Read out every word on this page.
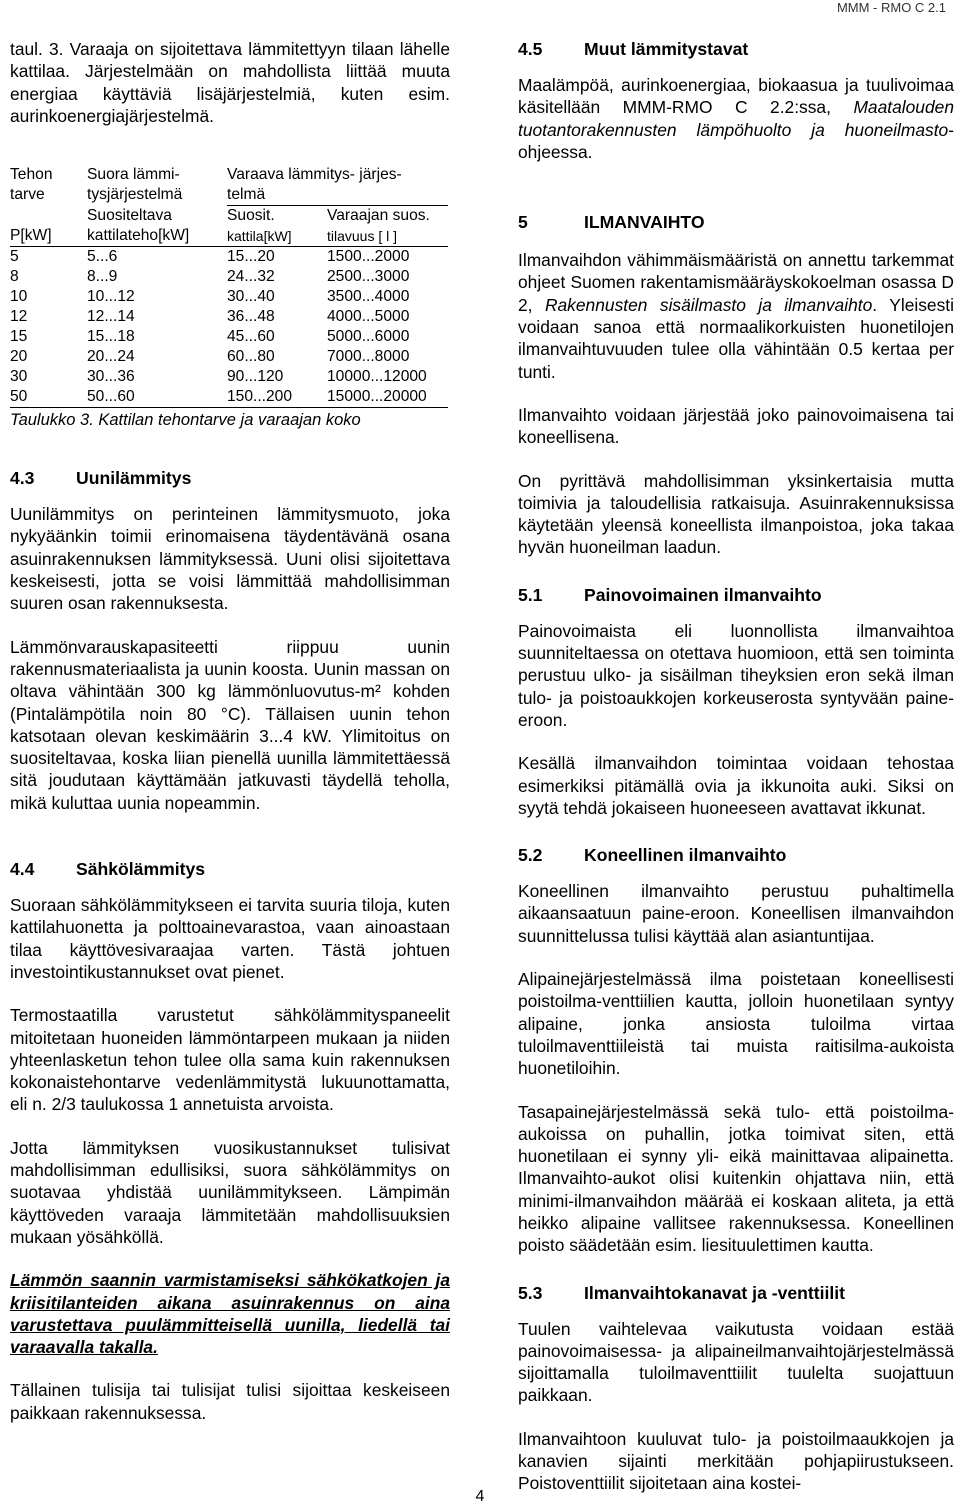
MMM - RMO C 2.1

taul. 3. Varaaja on sijoitettava lämmitettyyn tilaan lähelle kattilaa. Järjestelmään on mahdollista liittää muuta energiaa käyttäviä lisäjärjestelmiä, kuten esim. aurinkoenergiajärjestelmä.

Tehon	Suora lämmi-	Varaava lämmitys- järjes-	
tarve	tysjärjestelmä	telmä	
	Suositeltava	Suosit.	Varaajan suos.
P[kW]	kattilateho[kW]	kattila[kW]	tilavuus [ l ]
5	5...6	15...20	1500...2000
8	8...9	24...32	2500...3000
10	10...12	30...40	3500...4000
12	12...14	36...48	4000...5000
15	15...18	45...60	5000...6000
20	20...24	60...80	7000...8000
30	30...36	90...120	10000...12000
50	50...60	150...200	15000...20000
Taulukko 3. Kattilan tehontarve ja varaajan koko
4.3 Uunilämmitys

Uunilämmitys on perinteinen lämmitysmuoto, joka nykyäänkin toimii erinomaisena täydentävänä osana asuinrakennuksen lämmityksessä. Uuni olisi sijoitettava keskeisesti, jotta se voisi lämmittää mahdollisimman suuren osan rakennuksesta.

Lämmönvarauskapasiteetti riippuu uunin rakennusmateriaalista ja uunin koosta. Uunin massan on oltava vähintään 300 kg lämmönluovutus-m² kohden (Pintalämpötila noin 80 °C). Tällaisen uunin tehon katsotaan olevan keskimäärin 3...4 kW. Ylimitoitus on suositeltavaa, koska liian pienellä uunilla lämmitettäessä sitä joudutaan käyttämään jatkuvasti täydellä teholla, mikä kuluttaa uunia nopeammin.

4.4 Sähkölämmitys

Suoraan sähkölämmitykseen ei tarvita suuria tiloja, kuten kattilahuonetta ja polttoainevarastoa, vaan ainoastaan tilaa käyttövesivaraajaa varten. Tästä johtuen investointikustannukset ovat pienet.

Termostaatilla varustetut sähkölämmityspaneelit mitoitetaan huoneiden lämmöntarpeen mukaan ja niiden yhteenlasketun tehon tulee olla sama kuin rakennuksen kokonaistehontarve vedenlämmitystä lukuunottamatta, eli n. 2/3 taulukossa 1 annetuista arvoista.

Jotta lämmityksen vuosikustannukset tulisivat mahdollisimman edullisiksi, suora sähkölämmitys on suotavaa yhdistää uunilämmitykseen. Lämpimän käyttöveden varaaja lämmitetään mahdollisuuksien mukaan yösähköllä.

Lämmön saannin varmistamiseksi sähkökatkojen ja kriisitilanteiden aikana asuinrakennus on aina varustettava puulämmitteisellä uunilla, liedellä tai varaavalla takalla.

Tällainen tulisija tai tulisijat tulisi sijoittaa keskeiseen paikkaan rakennuksessa.

4.5 Muut lämmitystavat

Maalämpöä, aurinkoenergiaa, biokaasua ja tuulivoimaa käsitellään MMM-RMO C 2.2:ssa, Maatalouden tuotantorakennusten lämpöhuolto ja huoneilmasto-ohjeessa.

5	ILMANVAIHTO

Ilmanvaihdon vähimmäismääristä on annettu tarkemmat ohjeet Suomen rakentamismääräyskokoelman osassa D 2, Rakennusten sisäilmasto ja ilmanvaihto. Yleisesti voidaan sanoa että normaalikorkuisten huonetilojen ilmanvaihtuvuuden tulee olla vähintään 0.5 kertaa per tunti.

Ilmanvaihto voidaan järjestää joko painovoimaisena tai koneellisena.

On pyrittävä mahdollisimman yksinkertaisia mutta toimivia ja taloudellisia ratkaisuja. Asuinrakennuksissa käytetään yleensä koneellista ilmanpoistoa, joka takaa hyvän huoneilman laadun.

5.1 Painovoimainen ilmanvaihto

Painovoimaista eli luonnollista ilmanvaihtoa suunniteltaessa on otettava huomioon, että sen toiminta perustuu ulko- ja sisäilman tiheyksien eron sekä ilman tulo- ja poistoaukkojen korkeuserosta syntyvään paine-eroon.

Kesällä ilmanvaihdon toimintaa voidaan tehostaa esimerkiksi pitämällä ovia ja ikkunoita auki. Siksi on syytä tehdä jokaiseen huoneeseen avattavat ikkunat.

5.2 Koneellinen ilmanvaihto

Koneellinen ilmanvaihto perustuu puhaltimella aikaansaatuun paine-eroon. Koneellisen ilmanvaihdon suunnittelussa tulisi käyttää alan asiantuntijaa.

Alipainejärjestelmässä ilma poistetaan koneellisesti poistoilma-venttiilien kautta, jolloin huonetilaan syntyy alipaine, jonka ansiosta tuloilma virtaa tuloilmaventtiileistä tai muista raitisilma-aukoista huonetiloihin.

Tasapainejärjestelmässä sekä tulo- että poistoilma-aukoissa on puhallin, jotka toimivat siten, että huonetilaan ei synny yli- eikä mainittavaa alipainetta. Ilmanvaihto-aukot olisi kuitenkin ohjattava niin, että minimi-ilmanvaihdon määrää ei koskaan aliteta, ja että heikko alipaine vallitsee rakennuksessa. Koneellinen poisto säädetään esim. liesituulettimen kautta.

5.3 Ilmanvaihtokanavat ja -venttiilit

Tuulen vaihtelevaa vaikutusta voidaan estää painovoimaisessa- ja alipaineilmanvaihtojärjestelmässä sijoittamalla tuloilmaventtiilit tuulelta suojattuun paikkaan.

Ilmanvaihtoon kuuluvat tulo- ja poistoilmaaukkojen ja kanavien sijainti merkitään pohjapiirustukseen. Poistoventtiilit sijoitetaan aina kostei-

4
